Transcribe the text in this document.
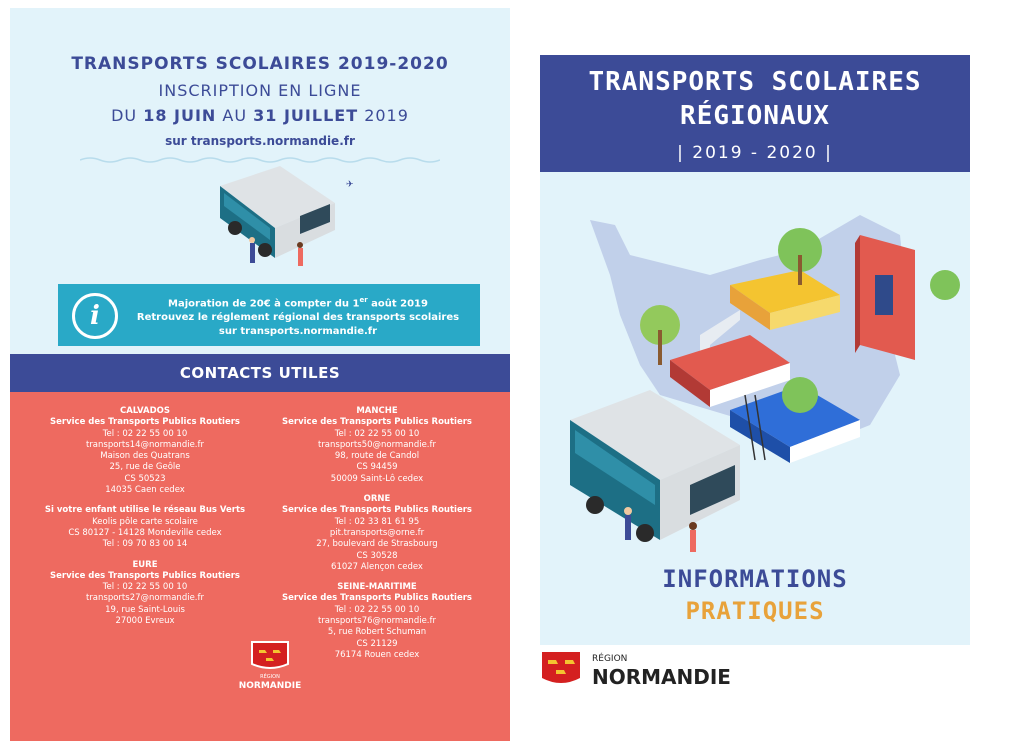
TRANSPORTS SCOLAIRES 2019-2020
INSCRIPTION EN LIGNE
DU 18 JUIN AU 31 JUILLET 2019
sur transports.normandie.fr
✈
i	Majoration de 20€ à compter du 1er août 2019
Retrouvez le réglement régional des transports scolaires
sur transports.normandie.fr
CONTACTS UTILES
CALVADOS
Service des Transports Publics Routiers
Tel : 02 22 55 00 10
transports14@normandie.fr
Maison des Quatrans
25, rue de Geôle
CS 50523
14035 Caen cedex
Si votre enfant utilise le réseau Bus Verts
Keolis pôle carte scolaire
CS 80127 - 14128 Mondeville cedex
Tel : 09 70 83 00 14
EURE
Service des Transports Publics Routiers
Tel : 02 22 55 00 10
transports27@normandie.fr
19, rue Saint-Louis
27000 Evreux
MANCHE
Service des Transports Publics Routiers
Tel : 02 22 55 00 10
transports50@normandie.fr
98, route de Candol
CS 94459
50009 Saint-Lô cedex
ORNE
Service des Transports Publics Routiers
Tel : 02 33 81 61 95
pit.transports@orne.fr
27, boulevard de Strasbourg
CS 30528
61027 Alençon cedex
SEINE-MARITIME
Service des Transports Publics Routiers
Tel : 02 22 55 00 10
transports76@normandie.fr
5, rue Robert Schuman
CS 21129
76174 Rouen cedex
RÉGION
NORMANDIE
TRANSPORTS SCOLAIRES
RÉGIONAUX
| 2019 - 2020 |
INFORMATIONS
PRATIQUES
RÉGION
NORMANDIE
